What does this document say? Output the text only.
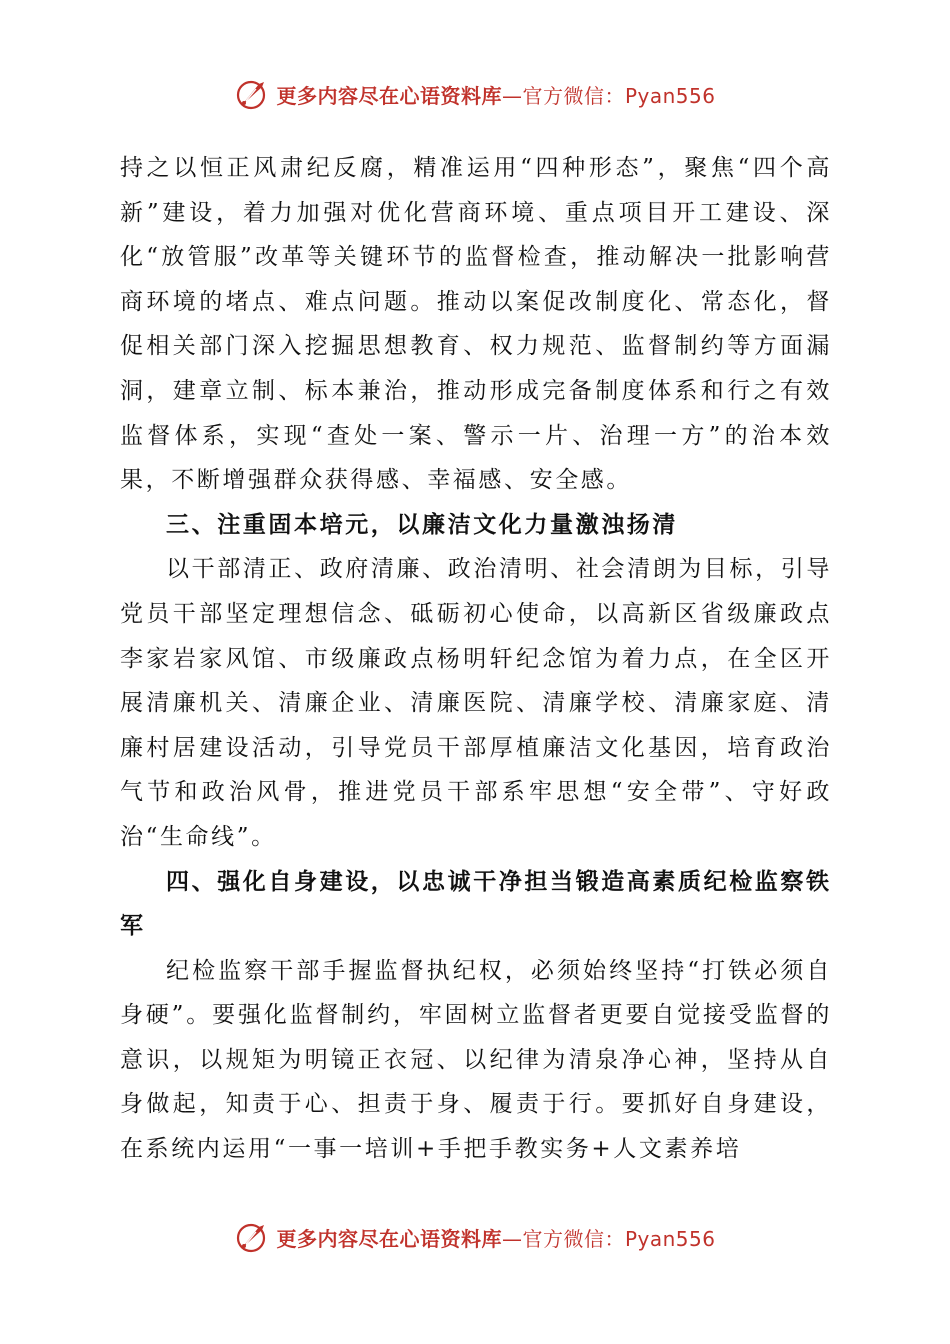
更多内容尽在心语资料库—官方微信：Pyan556

持之以恒正风肃纪反腐，精准运用“四种形态”，聚焦“四个高新”建设，着力加强对优化营商环境、重点项目开工建设、深化“放管服”改革等关键环节的监督检查，推动解决一批影响营商环境的堵点、难点问题。推动以案促改制度化、常态化，督促相关部门深入挖掘思想教育、权力规范、监督制约等方面漏洞，建章立制、标本兼治，推动形成完备制度体系和行之有效监督体系，实现“查处一案、警示一片、治理一方”的治本效果，不断增强群众获得感、幸福感、安全感。

三、注重固本培元，以廉洁文化力量激浊扬清

以干部清正、政府清廉、政治清明、社会清朗为目标，引导党员干部坚定理想信念、砥砺初心使命，以高新区省级廉政点李家岩家风馆、市级廉政点杨明轩纪念馆为着力点，在全区开展清廉机关、清廉企业、清廉医院、清廉学校、清廉家庭、清廉村居建设活动，引导党员干部厚植廉洁文化基因，培育政治气节和政治风骨，推进党员干部系牢思想“安全带”、守好政治“生命线”。

四、强化自身建设，以忠诚干净担当锻造高素质纪检监察铁军

纪检监察干部手握监督执纪权，必须始终坚持“打铁必须自身硬”。要强化监督制约，牢固树立监督者更要自觉接受监督的意识，以规矩为明镜正衣冠、以纪律为清泉净心神，坚持从自身做起，知责于心、担责于身、履责于行。要抓好自身建设，在系统内运用“一事一培训+手把手教实务+人文素养培

更多内容尽在心语资料库—官方微信：Pyan556
